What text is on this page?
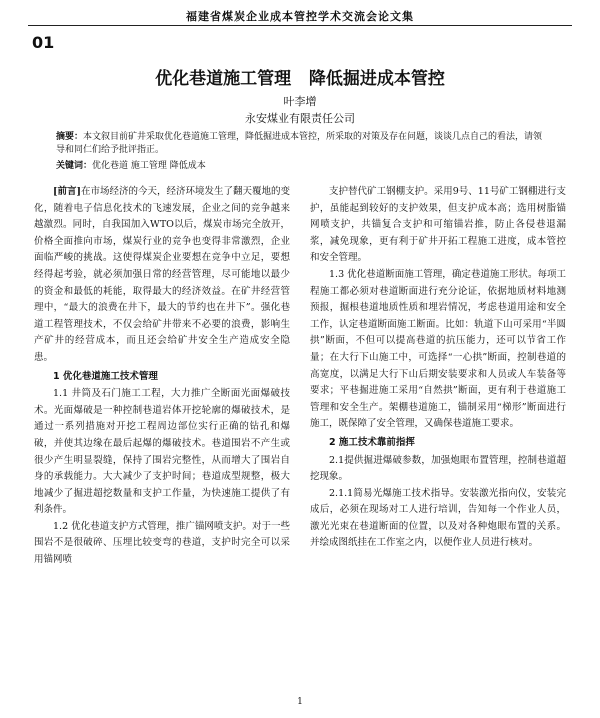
福建省煤炭企业成本管控学术交流会论文集
01
优化巷道施工管理   降低掘进成本管控
叶李增
永安煤业有限责任公司
摘要：本文叙目前矿井采取优化巷道施工管理，降低掘进成本管控，所采取的对策及存在问题，谈谈几点自己的看法，请领导和同仁们给予批评指正。
关键词：优化巷道 施工管理 降低成本

[前言]在市场经济的今天，经济环境发生了翻天覆地的变化，随着电子信息化技术的飞速发展，企业之间的竞争越来越激烈。同时，自我国加入WTO以后，煤炭市场完全放开，价格全面推向市场，煤炭行业的竞争也变得非常激烈，企业面临严峻的挑战。这使得煤炭企业要想在竞争中立足，要想经得起考验，就必须加强日常的经营管理，尽可能地以最少的资金和最低的耗能，取得最大的经济效益。在矿井经营管理中，“最大的浪费在井下，最大的节约也在井下”。强化巷道工程管理技术，不仅会给矿井带来不必要的浪费，影响生产矿井的经营成本，而且还会给矿井安全生产造成安全隐患。

1 优化巷道施工技术管理

1.1 井筒及石门施工工程，大力推广全断面光面爆破技术。光面爆破是一种控制巷道岩体开挖轮廓的爆破技术，是通过一系列措施对开挖工程周边部位实行正确的钻孔和爆破，并使其边缘在最后起爆的爆破技术。巷道围岩不产生或很少产生明显裂缝，保持了围岩完整性，从而增大了围岩自身的承载能力。大大减少了支护时间；巷道成型规整，极大地减少了掘进超挖数量和支护工作量，为快速施工提供了有利条件。

1.2 优化巷道支护方式管理，推广锚网喷支护。对于一些围岩不是很破碎、压埋比较变弯的巷道，支护时完全可以采用锚网喷

支护替代矿工钢棚支护。采用9号、11号矿工钢棚进行支护，虽能起到较好的支护效果，但支护成本高；选用树脂锚网喷支护，共锚复合支护和可缩锚岩推，防止各侵巷退漏浆，减免现象，更有利于矿井开拓工程施工进度，成本管控和安全管理。

1.3 优化巷道断面施工管理，确定巷道施工形状。每项工程施工都必须对巷道断面进行充分论证，依据地质材料地测预报，掘根巷道地质性质和埋岩情况，考虑巷道用途和安全工作，认定巷道断面施工断面。比如：轨道下山可采用“半圆拱”断面，不但可以提高巷道的抗压能力，还可以节省工作量；在大行下山施工中，可选择“一心拱”断面，控制巷道的高宽度，以满足大行下山后期安装要求和人员或人车装备等要求；平巷掘进施工采用“自然拱”断面，更有利于巷道施工管理和安全生产。架棚巷道施工，锚制采用“梯形”断面进行施工，既保障了安全管理，又确保巷道施工要求。

2 施工技术靠前指挥

2.1提供掘进爆破参数，加强炮眼布置管理，控制巷道超挖现象。

2.1.1简易光爆施工技术指导。安装激光指向仪，安装完成后，必须在现场对工人进行培训，告知每一个作业人员，激光光束在巷道断面的位置，以及对各种炮眼布置的关系。并绘成图纸挂在工作室之内，以便作业人员进行核对。

1
